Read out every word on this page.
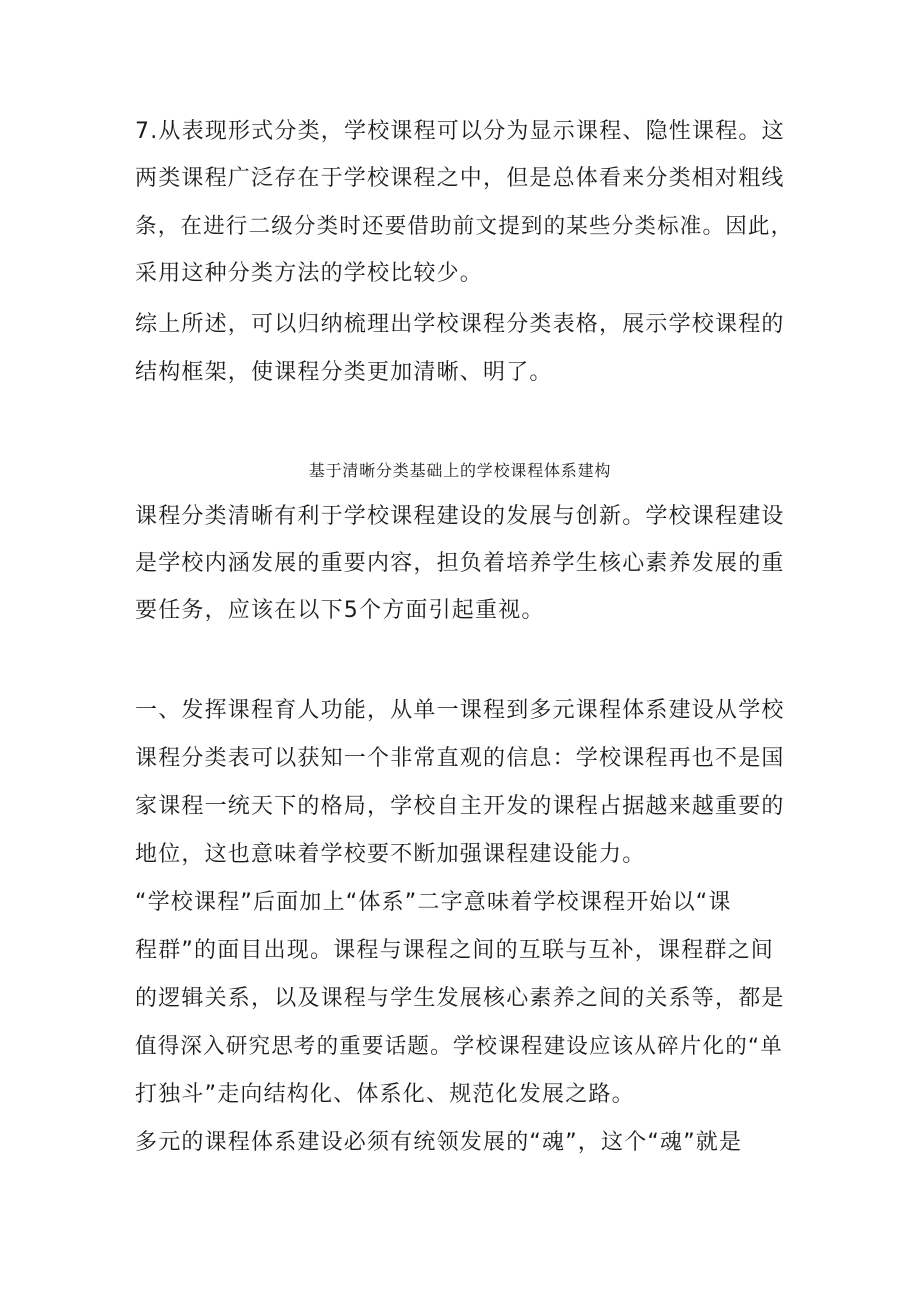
7.从表现形式分类，学校课程可以分为显示课程、隐性课程。这
两类课程广泛存在于学校课程之中，但是总体看来分类相对粗线
条，在进行二级分类时还要借助前文提到的某些分类标准。因此，
采用这种分类方法的学校比较少。
综上所述，可以归纳梳理出学校课程分类表格，展示学校课程的
结构框架，使课程分类更加清晰、明了。
基于清晰分类基础上的学校课程体系建构
课程分类清晰有利于学校课程建设的发展与创新。学校课程建设
是学校内涵发展的重要内容，担负着培养学生核心素养发展的重
要任务，应该在以下5个方面引起重视。
一、发挥课程育人功能，从单一课程到多元课程体系建设从学校
课程分类表可以获知一个非常直观的信息：学校课程再也不是国
家课程一统天下的格局，学校自主开发的课程占据越来越重要的
地位，这也意味着学校要不断加强课程建设能力。
“学校课程”后面加上“体系”二字意味着学校课程开始以“课
程群”的面目出现。课程与课程之间的互联与互补，课程群之间
的逻辑关系，以及课程与学生发展核心素养之间的关系等，都是
值得深入研究思考的重要话题。学校课程建设应该从碎片化的“单
打独斗”走向结构化、体系化、规范化发展之路。
多元的课程体系建设必须有统领发展的“魂”，这个“魂”就是
